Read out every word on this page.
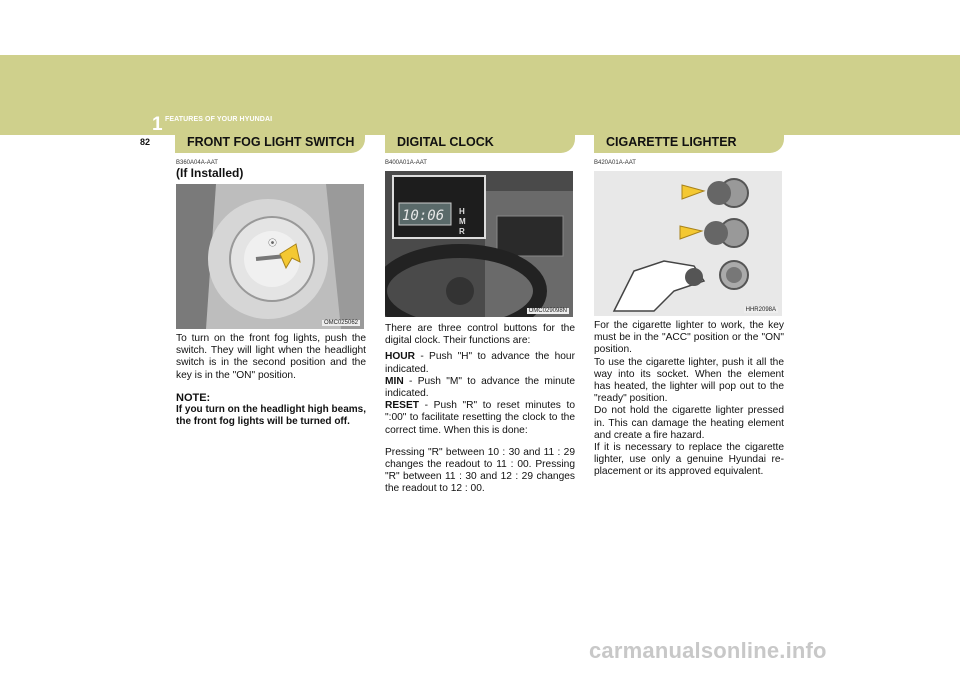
1 FEATURES OF YOUR HYUNDAI
82	FRONT FOG LIGHT SWITCH	DIGITAL CLOCK	CIGARETTE LIGHTER

B360A04A-AAT

(If Installed)

⦿
OMC025062

To turn on the front fog lights, push the switch. They will light when the headlight switch is in the second position and the key is in the "ON" position.

NOTE:

If you turn on the headlight high beams, the front fog lights will be turned off.

B400A01A-AAT

10:06 H
M
R
OMC029098N

There are three control buttons for the digital clock. Their functions are:

HOUR - Push "H" to advance the hour indicated.

MIN - Push "M" to advance the minute indicated.

RESET - Push "R" to reset minutes to ":00" to facilitate resetting the clock to the correct time. When this is done:

Pressing "R" between 10 : 30 and 11 : 29 changes the readout to 11 : 00. Pressing "R" between 11 : 30 and 12 : 29 changes the readout to 12 : 00.

B420A01A-AAT

HHR2098A

For the cigarette lighter to work, the key must be in the "ACC" position or the "ON" position.
To use the cigarette lighter, push it all the way into its socket. When the element has heated, the lighter will pop out to the "ready" position.
Do not hold the cigarette lighter pressed in. This can damage the heating element and create a fire hazard.
If it is necessary to replace the cigarette lighter, use only a genuine Hyundai re-placement or its approved equivalent.

carmanualsonline.info
